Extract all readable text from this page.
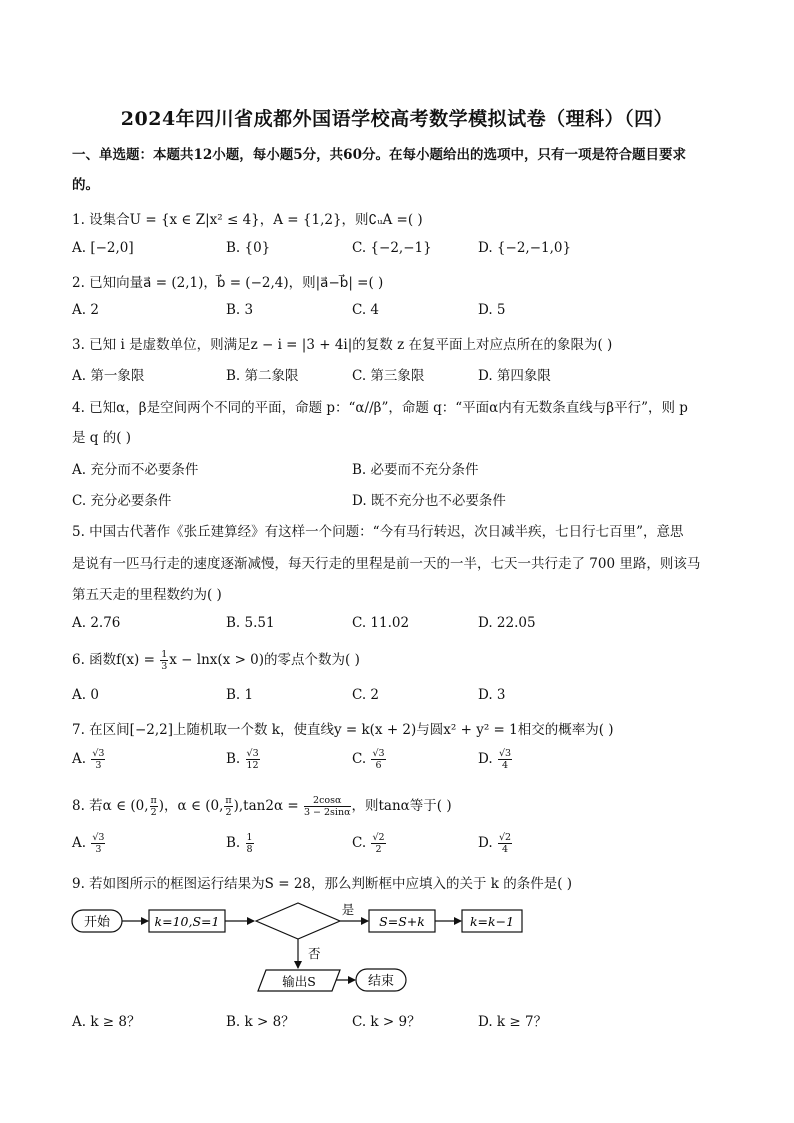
2024年四川省成都外国语学校高考数学模拟试卷（理科）（四）
一、单选题：本题共12小题，每小题5分，共60分。在每小题给出的选项中，只有一项是符合题目要求
的。
1. 设集合U = {x ∈ Z|x² ≤ 4}，A = {1,2}，则∁ᵤA =( )
A. [−2,0]	B. {0}	C. {−2,−1}	D. {−2,−1,0}
2. 已知向量a⃗ = (2,1)，b⃗ = (−2,4)，则|a⃗−b⃗| =( )
A. 2	B. 3	C. 4	D. 5
3. 已知 i 是虚数单位，则满足z − i = |3 + 4i|的复数 z 在复平面上对应点所在的象限为( )
A. 第一象限	B. 第二象限	C. 第三象限	D. 第四象限
4. 已知α，β是空间两个不同的平面，命题 p：“α//β”，命题 q：“平面α内有无数条直线与β平行”，则 p
是 q 的( )
A. 充分而不必要条件	B. 必要而不充分条件
C. 充分必要条件	D. 既不充分也不必要条件
5. 中国古代著作《张丘建算经》有这样一个问题：“今有马行转迟，次日减半疾，七日行七百里”，意思
是说有一匹马行走的速度逐渐减慢，每天行走的里程是前一天的一半，七天一共行走了 700 里路，则该马
第五天走的里程数约为( )
A. 2.76	B. 5.51	C. 11.02	D. 22.05
6. 函数$f(x) = \frac{1}{3}$ x − lnx(x > 0)的零点个数为( )
A. 0	B. 1	C. 2	D. 3
7. 在区间[−2,2]上随机取一个数 k，使直线y = k(x + 2)与圆x² + y² = 1相交的概率为( )
A. $\frac{√3}{3}$	B. $\frac{√3}{12}$	C. $\frac{√3}{6}$	D. $\frac{√3}{4}$
8. 若α ∈ (0, $\frac{\pi}{2}$ )，α ∈ (0, $\frac{\pi}{2} ),\tan 2\alpha = \frac{2\cos\alpha}{3 - 2\sin\alpha}$ ，则tanα等于( )
A. $\frac{√3}{3}$	B. $\frac{1}{8}$	C. $\frac{√2}{2}$	D. $\frac{√2}{4}$
9. 若如图所示的框图运行结果为S = 28，那么判断框中应填入的关于 k 的条件是( )
开始	k=10,S=1
是
S=S+k	k=k−1
否
输出S	结束
A. k ≥ 8？	B. k > 8？	C. k > 9？	D. k ≥ 7？
